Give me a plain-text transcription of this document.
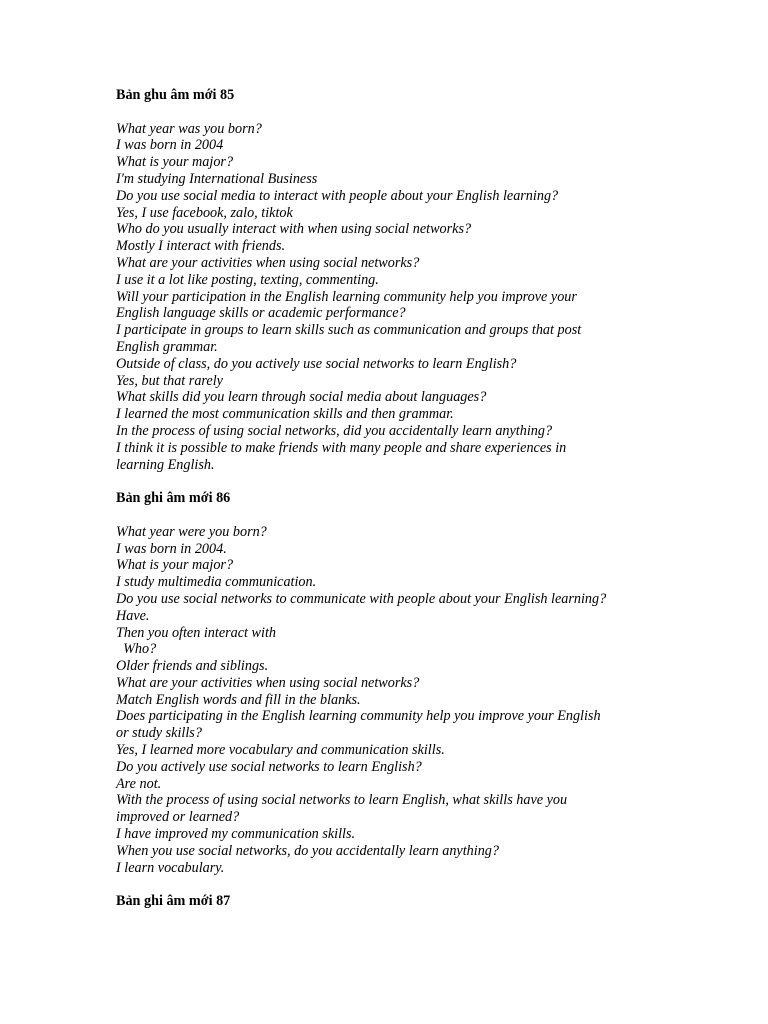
Bản ghu âm mới 85
What year was you born?
I was born in 2004
What is your major?
I'm studying International Business
Do you use social media to interact with people about your English learning?
Yes, I use facebook, zalo, tiktok
Who do you usually interact with when using social networks?
Mostly I interact with friends.
What are your activities when using social networks?
I use it a lot like posting, texting, commenting.
Will your participation in the English learning community help you improve your
English language skills or academic performance?
I participate in groups to learn skills such as communication and groups that post
English grammar.
Outside of class, do you actively use social networks to learn English?
Yes, but that rarely
What skills did you learn through social media about languages?
I learned the most communication skills and then grammar.
In the process of using social networks, did you accidentally learn anything?
I think it is possible to make friends with many people and share experiences in
learning English.
Bản ghi âm mới 86
What year were you born?
I was born in 2004.
What is your major?
I study multimedia communication.
Do you use social networks to communicate with people about your English learning?
Have.
Then you often interact with
Who?
Older friends and siblings.
What are your activities when using social networks?
Match English words and fill in the blanks.
Does participating in the English learning community help you improve your English
or study skills?
Yes, I learned more vocabulary and communication skills.
Do you actively use social networks to learn English?
Are not.
With the process of using social networks to learn English, what skills have you
improved or learned?
I have improved my communication skills.
When you use social networks, do you accidentally learn anything?
I learn vocabulary.
Bản ghi âm mới 87
